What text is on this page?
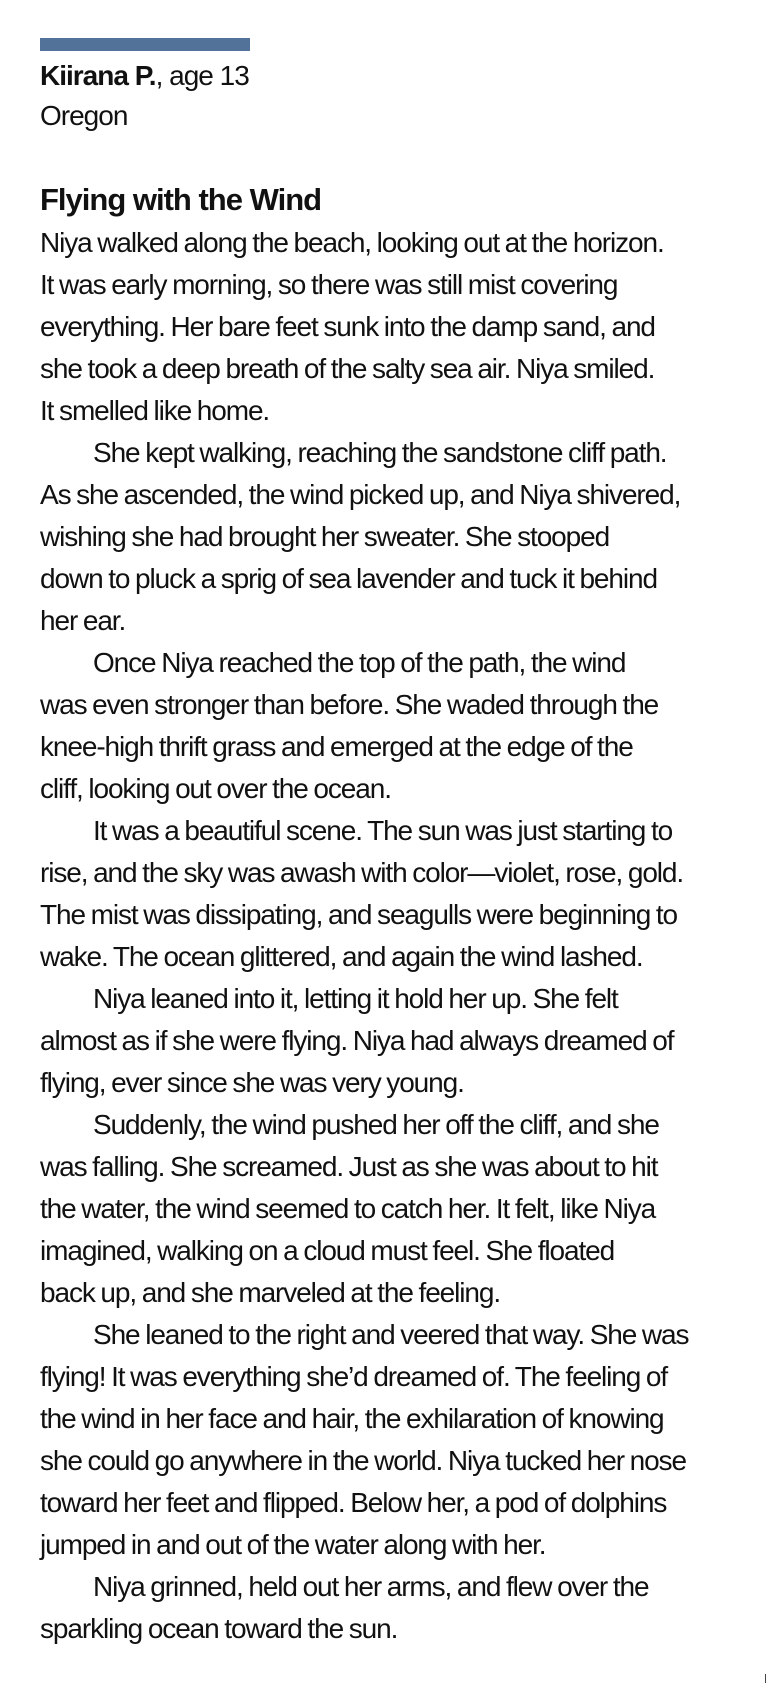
Kiirana P., age 13
Oregon
Flying with the Wind

Niya walked along the beach, looking out at the horizon.
It was early morning, so there was still mist covering
everything. Her bare feet sunk into the damp sand, and
she took a deep breath of the salty sea air. Niya smiled.
It smelled like home.

She kept walking, reaching the sandstone cliff path.
As she ascended, the wind picked up, and Niya shivered,
wishing she had brought her sweater. She stooped
down to pluck a sprig of sea lavender and tuck it behind
her ear.

Once Niya reached the top of the path, the wind
was even stronger than before. She waded through the
knee-high thrift grass and emerged at the edge of the
cliff, looking out over the ocean.

It was a beautiful scene. The sun was just starting to
rise, and the sky was awash with color—violet, rose, gold.
The mist was dissipating, and seagulls were beginning to
wake. The ocean glittered, and again the wind lashed.

Niya leaned into it, letting it hold her up. She felt
almost as if she were flying. Niya had always dreamed of
flying, ever since she was very young.

Suddenly, the wind pushed her off the cliff, and she
was falling. She screamed. Just as she was about to hit
the water, the wind seemed to catch her. It felt, like Niya
imagined, walking on a cloud must feel. She floated
back up, and she marveled at the feeling.

She leaned to the right and veered that way. She was
flying! It was everything she’d dreamed of. The feeling of
the wind in her face and hair, the exhilaration of knowing
she could go anywhere in the world. Niya tucked her nose
toward her feet and flipped. Below her, a pod of dolphins
jumped in and out of the water along with her.

Niya grinned, held out her arms, and flew over the
sparkling ocean toward the sun.
